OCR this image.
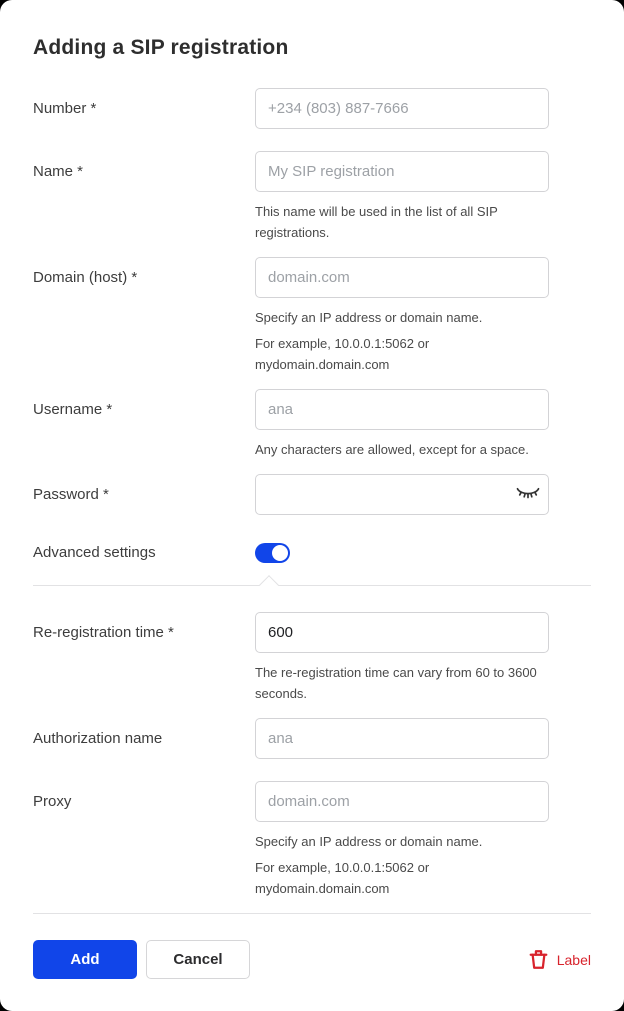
Adding a SIP registration
Number *
+234 (803) 887-7666
Name *
My SIP registration

This name will be used in the list of all SIP registrations.

Domain (host) *
domain.com

Specify an IP address or domain name.

For example, 10.0.0.1:5062 or mydomain.domain.com

Username *
ana

Any characters are allowed, except for a space.

Password *
Advanced settings
Re-registration time *
600

The re-registration time can vary from 60 to 3600 seconds.

Authorization name
ana
Proxy
domain.com

Specify an IP address or domain name.

For example, 10.0.0.1:5062 or mydomain.domain.com

Add	Cancel	Label
